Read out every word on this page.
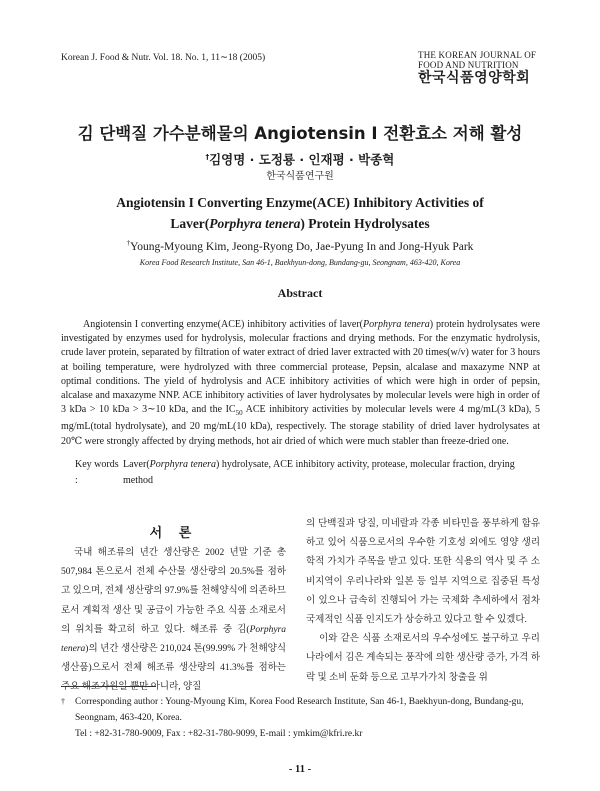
Korean J. Food & Nutr. Vol. 18. No. 1, 11∼18 (2005)	THE KOREAN JOURNAL OF
FOOD AND NUTRITION
한국식품영양학회
김 단백질 가수분해물의 Angiotensin I 전환효소 저해 활성
†김영명 · 도정룡 · 인재평 · 박종혁
한국식품연구원
Angiotensin I Converting Enzyme(ACE) Inhibitory Activities of
Laver(Porphyra tenera) Protein Hydrolysates
†Young-Myoung Kim, Jeong-Ryong Do, Jae-Pyung In and Jong-Hyuk Park
Korea Food Research Institute, San 46-1, Baekhyun-dong, Bundang-gu, Seongnam, 463-420, Korea
Abstract

Angiotensin I converting enzyme(ACE) inhibitory activities of laver(Porphyra tenera) protein hydrolysates were investigated by enzymes used for hydrolysis, molecular fractions and drying methods. For the enzymatic hydrolysis, crude laver protein, separated by filtration of water extract of dried laver extracted with 20 times(w/v) water for 3 hours at boiling temperature, were hydrolyzed with three commercial protease, Pepsin, alcalase and maxazyme NNP at optimal conditions. The yield of hydrolysis and ACE inhibitory activities of which were high in order of pepsin, alcalase and maxazyme NNP. ACE inhibitory activities of laver hydrolysates by molecular levels were high in order of 3 kDa > 10 kDa > 3∼10 kDa, and the $IC_{50}$ ACE inhibitory activities by molecular levels were 4 mg/mL(3 kDa), 5 mg/mL(total hydrolysate), and 20 mg/mL(10 kDa), respectively. The storage stability of dried laver hydrolysates at 20℃ were strongly affected by drying methods, hot air dried of which were much stabler than freeze-dried one.

Key words :Laver(Porphyra tenera) hydrolysate, ACE inhibitory activity, protease, molecular fraction, drying method
서 론

국내 해조류의 년간 생산량은 2002 년말 기준 총 507,984 톤으로서 전체 수산물 생산량의 20.5%를 점하고 있으며, 전체 생산량의 97.9%를 천해양식에 의존하므로서 계획적 생산 및 공급이 가능한 주요 식품 소재로서의 위치를 확고히 하고 있다. 해조류 중 김(Porphyra tenera)의 년간 생산량은 210,024 톤(99.99% 가 천해양식 생산품)으로서 전체 해조류 생산량의 41.3%를 점하는 주요 해조자원일 뿐만 아니라, 양질

의 단백질과 당질, 미네랄과 각종 비타민을 풍부하게 함유하고 있어 식품으로서의 우수한 기호성 외에도 영양 생리학적 가치가 주목을 받고 있다. 또한 식용의 역사 및 주 소비지역이 우리나라와 일본 등 일부 지역으로 집중된 특성이 있으나 급속히 진행되어 가는 국제화 추세하에서 점차 국제적인 식품 인지도가 상승하고 있다고 할 수 있겠다.

이와 같은 식품 소재로서의 우수성에도 불구하고 우리나라에서 김은 계속되는 풍작에 의한 생산량 증가, 가격 하락 및 소비 둔화 등으로 고부가가치 창출을 위

† Corresponding author : Young-Myoung Kim, Korea Food Research Institute, San 46-1, Baekhyun-dong, Bundang-gu, Seongnam, 463-420, Korea.
Tel : +82-31-780-9009, Fax : +82-31-780-9099, E-mail : ymkim@kfri.re.kr
- 11 -
